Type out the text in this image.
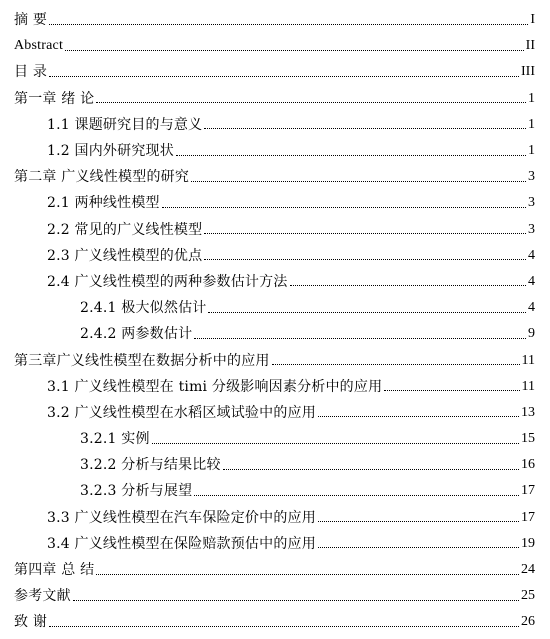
摘 要	I
Abstract	II
目 录	III
第一章 绪 论	1
1.1 课题研究目的与意义	1
1.2 国内外研究现状	1
第二章 广义线性模型的研究	3
2.1 两种线性模型	3
2.2 常见的广义线性模型	3
2.3 广义线性模型的优点	4
2.4 广义线性模型的两种参数估计方法	4
2.4.1 极大似然估计	4
2.4.2 两参数估计	9
第三章广义线性模型在数据分析中的应用	11
3.1 广义线性模型在 timi 分级影响因素分析中的应用	11
3.2 广义线性模型在水稻区域试验中的应用	13
3.2.1 实例	15
3.2.2 分析与结果比较	16
3.2.3 分析与展望	17
3.3 广义线性模型在汽车保险定价中的应用	17
3.4 广义线性模型在保险赔款预估中的应用	19
第四章 总 结	24
参考文献	25
致 谢	26
